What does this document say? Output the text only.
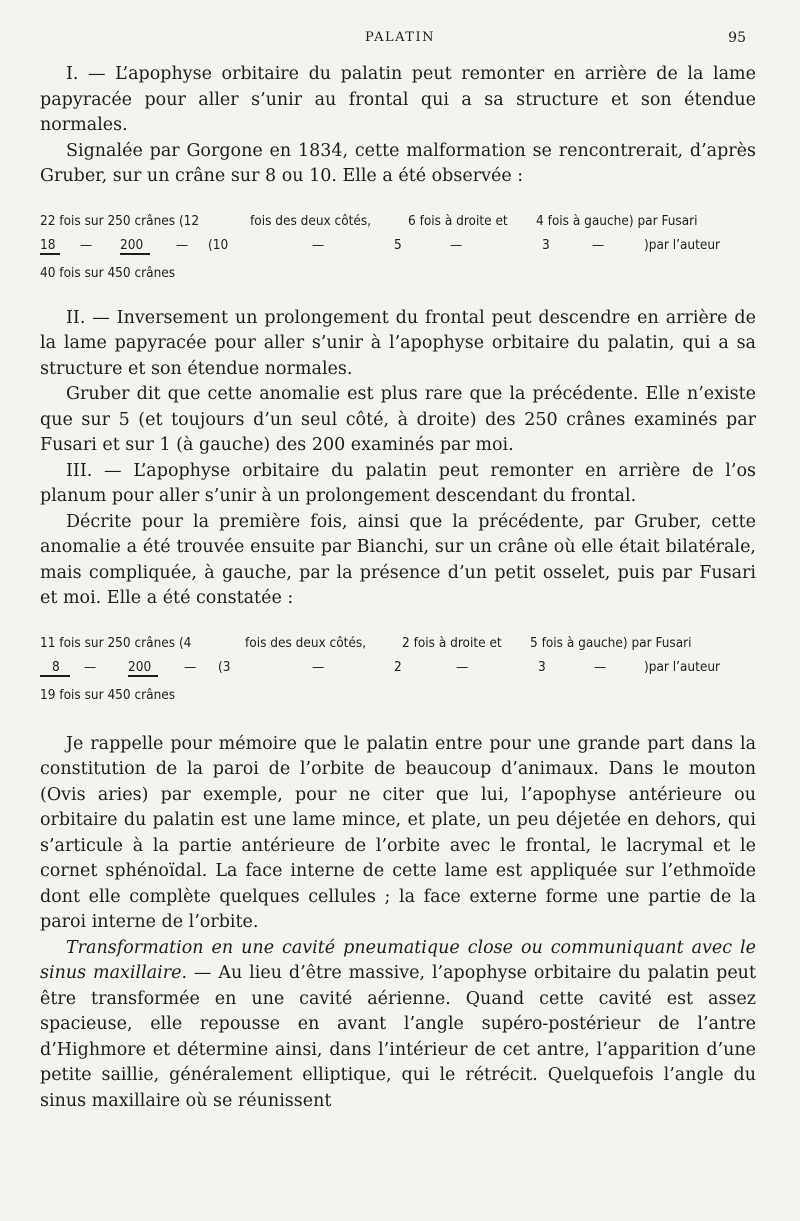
PALATIN	95

I. — L’apophyse orbitaire du palatin peut remonter en arrière de la lame papyracée pour aller s’unir au frontal qui a sa structure et son étendue normales.

Signalée par Gorgone en 1834, cette malformation se rencontrerait, d’après Gruber, sur un crâne sur 8 ou 10. Elle a été observée :

22 fois sur 250 crânes (12	fois des deux côtés,	6 fois à droite et 4 fois à gauche) par Fusari
18 — 200 — (10	—	5	—	3	—	)par l’auteur
40 fois sur 450 crânes

II. — Inversement un prolongement du frontal peut descendre en arrière de la lame papyracée pour aller s’unir à l’apophyse orbitaire du palatin, qui a sa structure et son étendue normales.

Gruber dit que cette anomalie est plus rare que la précédente. Elle n’existe que sur 5 (et toujours d’un seul côté, à droite) des 250 crânes examinés par Fusari et sur 1 (à gauche) des 200 examinés par moi.

III. — L’apophyse orbitaire du palatin peut remonter en arrière de l’os planum pour aller s’unir à un prolongement descendant du frontal.

Décrite pour la première fois, ainsi que la précédente, par Gruber, cette anomalie a été trouvée ensuite par Bianchi, sur un crâne où elle était bilatérale, mais compliquée, à gauche, par la présence d’un petit osselet, puis par Fusari et moi. Elle a été constatée :

11 fois sur 250 crânes (4	fois des deux côtés,	2 fois à droite et 5 fois à gauche) par Fusari
8 — 200 — (3	—	2	—	3	—	)par l’auteur
19 fois sur 450 crânes

Je rappelle pour mémoire que le palatin entre pour une grande part dans la constitution de la paroi de l’orbite de beaucoup d’animaux. Dans le mouton (Ovis aries) par exemple, pour ne citer que lui, l’apophyse antérieure ou orbitaire du palatin est une lame mince, et plate, un peu déjetée en dehors, qui s’articule à la partie antérieure de l’orbite avec le frontal, le lacrymal et le cornet sphénoïdal. La face interne de cette lame est appliquée sur l’ethmoïde dont elle complète quelques cellules ; la face externe forme une partie de la paroi interne de l’orbite.

Transformation en une cavité pneumatique close ou communiquant avec le sinus maxillaire. — Au lieu d’être massive, l’apophyse orbitaire du palatin peut être transformée en une cavité aérienne. Quand cette cavité est assez spacieuse, elle repousse en avant l’angle supéro-postérieur de l’antre d’Highmore et détermine ainsi, dans l’intérieur de cet antre, l’apparition d’une petite saillie, généralement elliptique, qui le rétrécit. Quelquefois l’angle du sinus maxillaire où se réunissent
